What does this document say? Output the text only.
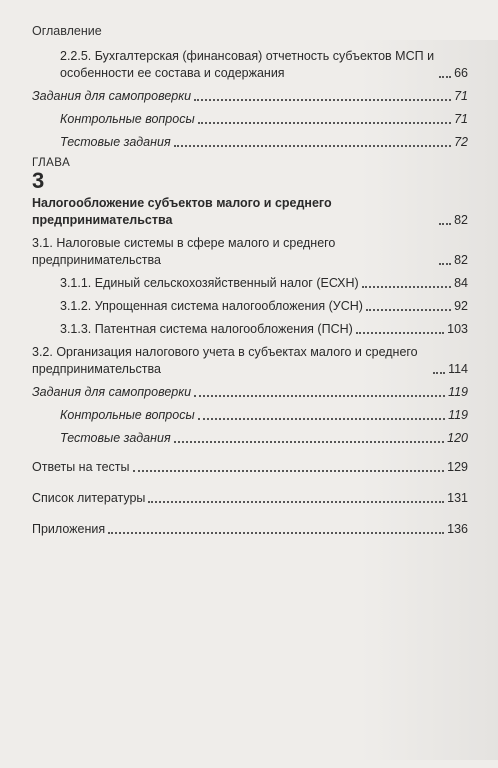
Оглавление
2.2.5. Бухгалтерская (финансовая) отчетность субъектов МСП и особенности ее состава и содержания	66
Задания для самопроверки	71
Контрольные вопросы	71
Тестовые задания	72
ГЛАВА
3
Налогообложение субъектов малого и среднего предпринимательства	82
3.1. Налоговые системы в сфере малого и среднего предпринимательства	82
3.1.1. Единый сельскохозяйственный налог (ЕСХН)	84
3.1.2. Упрощенная система налогообложения (УСН)	92
3.1.3. Патентная система налогообложения (ПСН)	103
3.2. Организация налогового учета в субъектах малого и среднего предпринимательства	114
Задания для самопроверки	119
Контрольные вопросы	119
Тестовые задания	120
Ответы на тесты	129
Список литературы	131
Приложения	136
